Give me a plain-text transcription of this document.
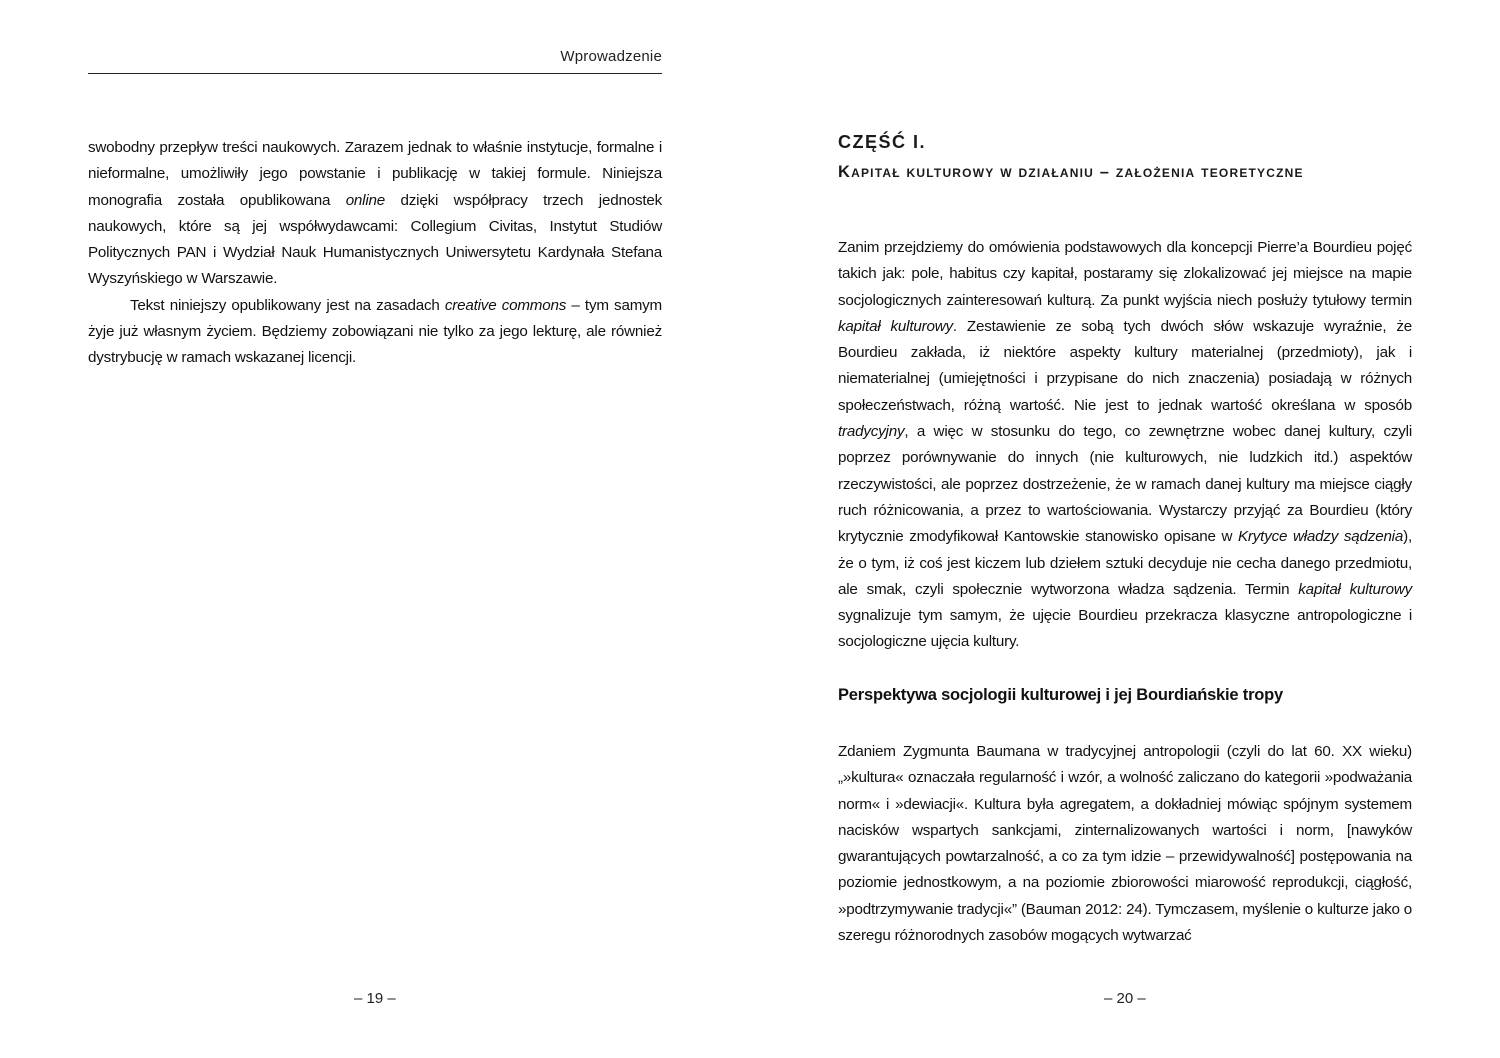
Wprowadzenie

swobodny przepływ treści naukowych. Zarazem jednak to właśnie instytucje, formalne i nieformalne, umożliwiły jego powstanie i publikację w takiej formule. Niniejsza monografia została opublikowana online dzięki współpracy trzech jednostek naukowych, które są jej współwydawcami: Collegium Civitas, Instytut Studiów Politycznych PAN i Wydział Nauk Humanistycznych Uniwersytetu Kardynała Stefana Wyszyńskiego w Warszawie.

Tekst niniejszy opublikowany jest na zasadach creative commons – tym samym żyje już własnym życiem. Będziemy zobowiązani nie tylko za jego lekturę, ale również dystrybucję w ramach wskazanej licencji.

– 19 –
CZĘŚĆ I.
Kapitał kulturowy w działaniu – założenia teoretyczne

Zanim przejdziemy do omówienia podstawowych dla koncepcji Pierre’a Bourdieu pojęć takich jak: pole, habitus czy kapitał, postaramy się zlokalizować jej miejsce na mapie socjologicznych zainteresowań kulturą. Za punkt wyjścia niech posłuży tytułowy termin kapitał kulturowy. Zestawienie ze sobą tych dwóch słów wskazuje wyraźnie, że Bourdieu zakłada, iż niektóre aspekty kultury materialnej (przedmioty), jak i niematerialnej (umiejętności i przypisane do nich znaczenia) posiadają w różnych społeczeństwach, różną wartość. Nie jest to jednak wartość określana w sposób tradycyjny, a więc w stosunku do tego, co zewnętrzne wobec danej kultury, czyli poprzez porównywanie do innych (nie kulturowych, nie ludzkich itd.) aspektów rzeczywistości, ale poprzez dostrzeżenie, że w ramach danej kultury ma miejsce ciągły ruch różnicowania, a przez to wartościowania. Wystarczy przyjąć za Bourdieu (który krytycznie zmodyfikował Kantowskie stanowisko opisane w Krytyce władzy sądzenia), że o tym, iż coś jest kiczem lub dziełem sztuki decyduje nie cecha danego przedmiotu, ale smak, czyli społecznie wytworzona władza sądzenia. Termin kapitał kulturowy sygnalizuje tym samym, że ujęcie Bourdieu przekracza klasyczne antropologiczne i socjologiczne ujęcia kultury.

Perspektywa socjologii kulturowej i jej Bourdiańskie tropy

Zdaniem Zygmunta Baumana w tradycyjnej antropologii (czyli do lat 60. XX wieku) „»kultura« oznaczała regularność i wzór, a wolność zaliczano do kategorii »podważania norm« i »dewiacji«. Kultura była agregatem, a dokładniej mówiąc spójnym systemem nacisków wspartych sankcjami, zinternalizowanych wartości i norm, [nawyków gwarantujących powtarzalność, a co za tym idzie – przewidywalność] postępowania na poziomie jednostkowym, a na poziomie zbiorowości miarowość reprodukcji, ciągłość, »podtrzymywanie tradycji«” (Bauman 2012: 24). Tymczasem, myślenie o kulturze jako o szeregu różnorodnych zasobów mogących wytwarzać

– 20 –
